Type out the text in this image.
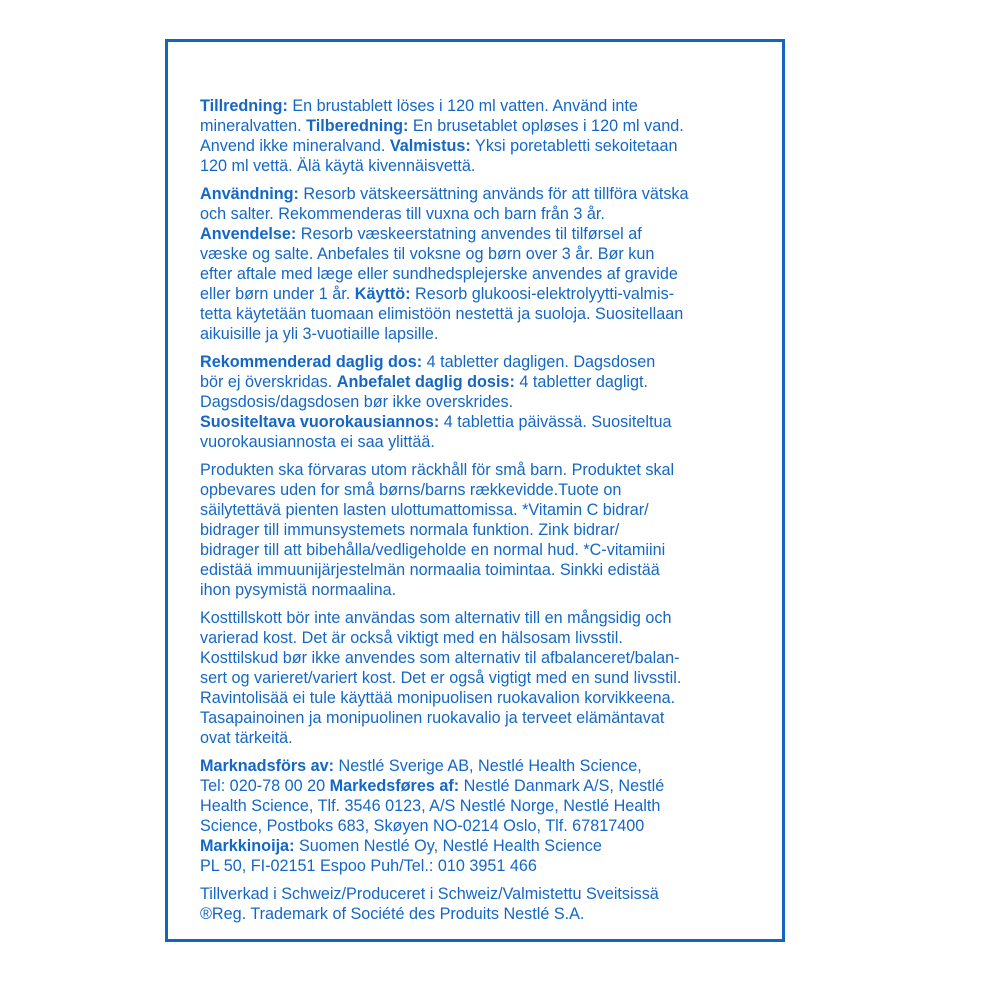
Tillredning: En brustablett löses i 120 ml vatten. Använd inte
mineralvatten. Tilberedning: En brusetablet opløses i 120 ml vand.
Anvend ikke mineralvand. Valmistus: Yksi poretabletti sekoitetaan
120 ml vettä. Älä käytä kivennäisvettä.
Användning: Resorb vätskeersättning används för att tillföra vätska
och salter. Rekommenderas till vuxna och barn från 3 år.
Anvendelse: Resorb væskeerstatning anvendes til tilførsel af
væske og salte. Anbefales til voksne og børn over 3 år. Bør kun
efter aftale med læge eller sundhedsplejerske anvendes af gravide
eller børn under 1 år. Käyttö: Resorb glukoosi-elektrolyytti-valmis-
tetta käytetään tuomaan elimistöön nestettä ja suoloja. Suositellaan
aikuisille ja yli 3-vuotiaille lapsille.
Rekommenderad daglig dos: 4 tabletter dagligen. Dagsdosen
bör ej överskridas. Anbefalet daglig dosis: 4 tabletter dagligt.
Dagsdosis/dagsdosen bør ikke overskrides.
Suositeltava vuorokausiannos: 4 tablettia päivässä. Suositeltua
vuorokausiannosta ei saa ylittää.
Produkten ska förvaras utom räckhåll för små barn. Produktet skal
opbevares uden for små børns/barns rækkevidde.Tuote on
säilytettävä pienten lasten ulottumattomissa. *Vitamin C bidrar/
bidrager till immunsystemets normala funktion. Zink bidrar/
bidrager till att bibehålla/vedligeholde en normal hud. *C-vitamiini
edistää immuunijärjestelmän normaalia toimintaa. Sinkki edistää
ihon pysymistä normaalina.
Kosttillskott bör inte användas som alternativ till en mångsidig och
varierad kost. Det är också viktigt med en hälsosam livsstil.
Kosttilskud bør ikke anvendes som alternativ til afbalanceret/balan-
sert og varieret/variert kost. Det er også vigtigt med en sund livsstil.
Ravintolisää ei tule käyttää monipuolisen ruokavalion korvikkeena.
Tasapainoinen ja monipuolinen ruokavalio ja terveet elämäntavat
ovat tärkeitä.
Marknadsförs av: Nestlé Sverige AB, Nestlé Health Science,
Tel: 020-78 00 20 Markedsføres af: Nestlé Danmark A/S, Nestlé
Health Science, Tlf. 3546 0123, A/S Nestlé Norge, Nestlé Health
Science, Postboks 683, Skøyen NO-0214 Oslo, Tlf. 67817400
Markkinoija: Suomen Nestlé Oy, Nestlé Health Science
PL 50, FI-02151 Espoo Puh/Tel.: 010 3951 466
Tillverkad i Schweiz/Produceret i Schweiz/Valmistettu Sveitsissä
®Reg. Trademark of Société des Produits Nestlé S.A.
